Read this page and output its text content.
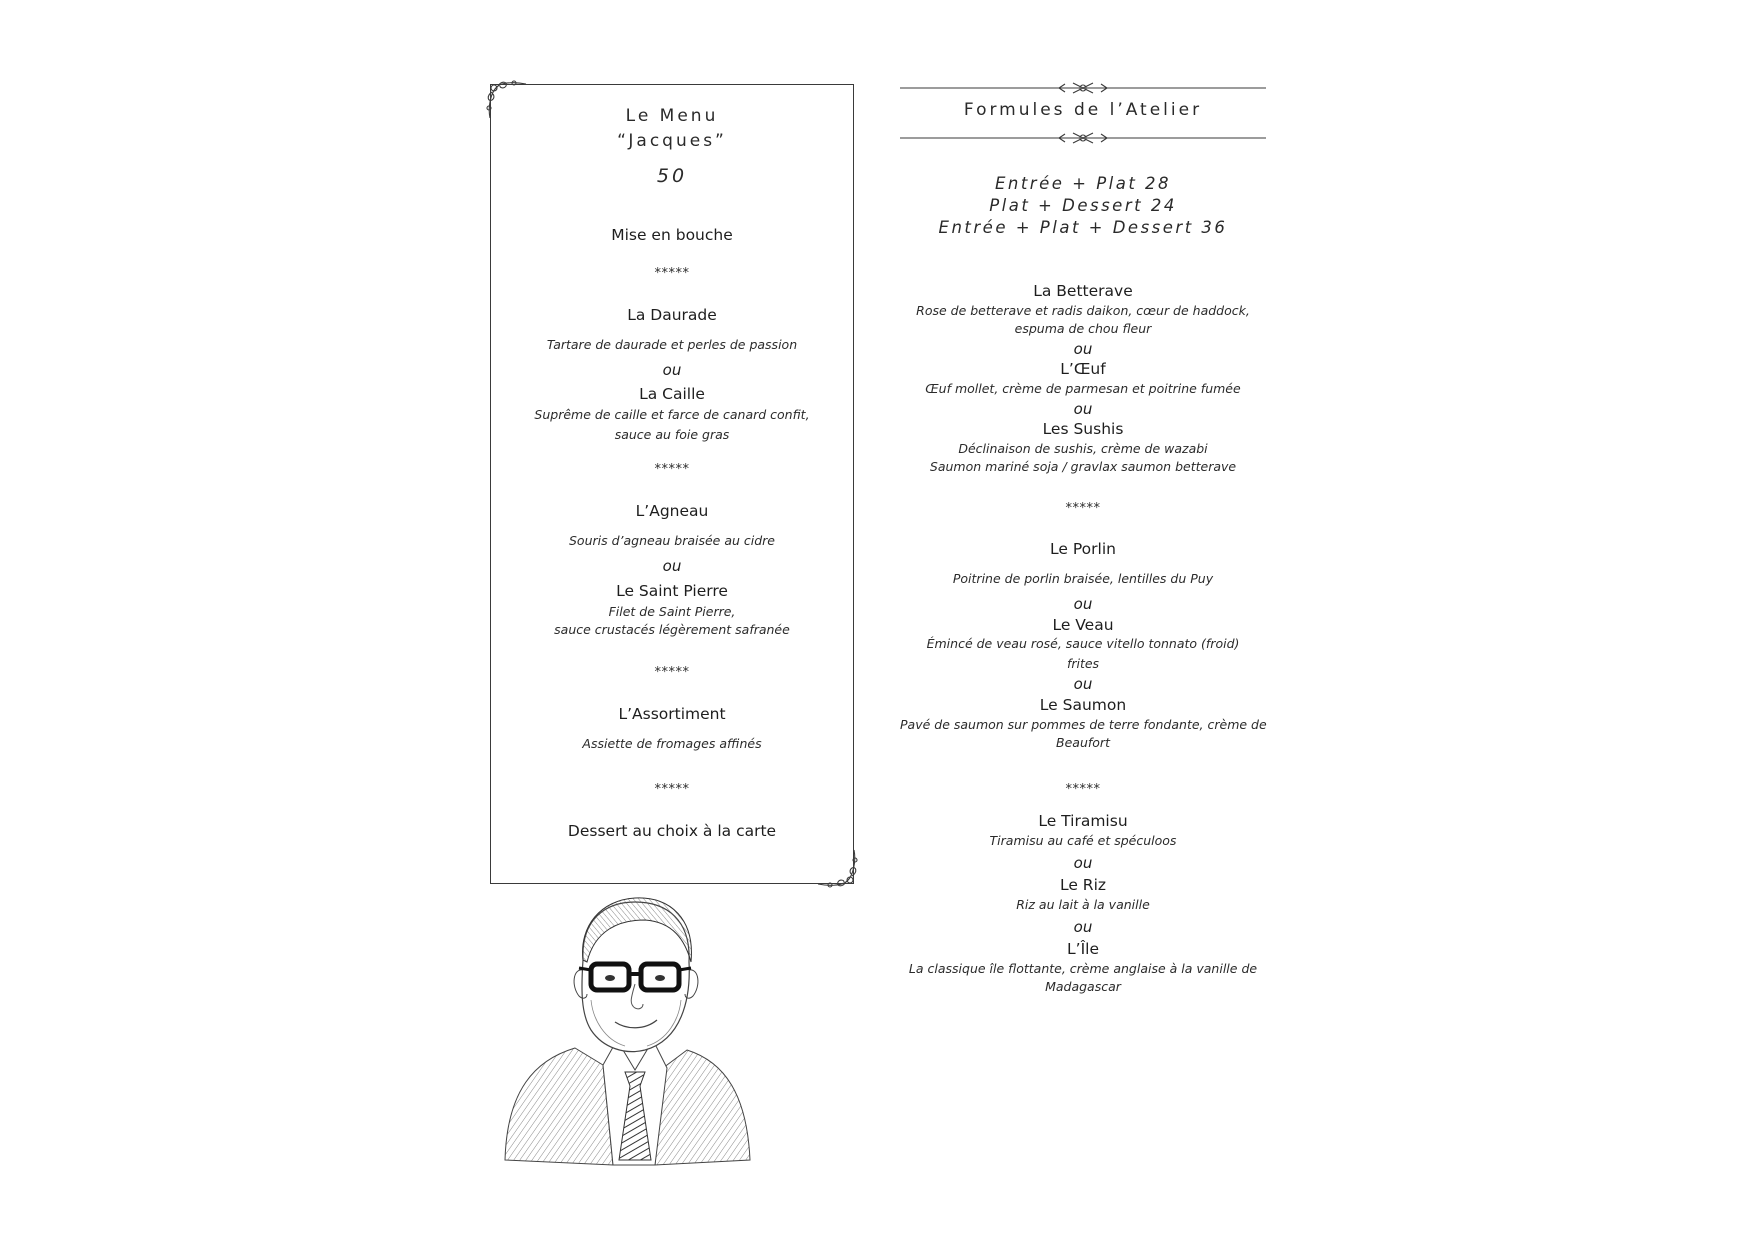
Le Menu

“Jacques”

50

Mise en bouche

*****

La Daurade

Tartare de daurade et perles de passion

ou

La Caille

Suprême de caille et farce de canard confit,

sauce au foie gras

*****

L’Agneau

Souris d’agneau braisée au cidre

ou

Le Saint Pierre

Filet de Saint Pierre,

sauce crustacés légèrement safranée

*****

L’Assortiment

Assiette de fromages affinés

*****

Dessert au choix à la carte

Formules de l’Atelier

Entrée + Plat 28

Plat + Dessert 24

Entrée + Plat + Dessert 36

La Betterave

Rose de betterave et radis daikon, cœur de haddock,

espuma de chou fleur

ou

L’Œuf

Œuf mollet, crème de parmesan et poitrine fumée

ou

Les Sushis

Déclinaison de sushis, crème de wazabi

Saumon mariné soja / gravlax saumon betterave

*****

Le Porlin

Poitrine de porlin braisée, lentilles du Puy

ou

Le Veau

Émincé de veau rosé, sauce vitello tonnato (froid)

frites

ou

Le Saumon

Pavé de saumon sur pommes de terre fondante, crème de

Beaufort

*****

Le Tiramisu

Tiramisu au café et spéculoos

ou

Le Riz

Riz au lait à la vanille

ou

L’Île

La classique île flottante, crème anglaise à la vanille de

Madagascar
